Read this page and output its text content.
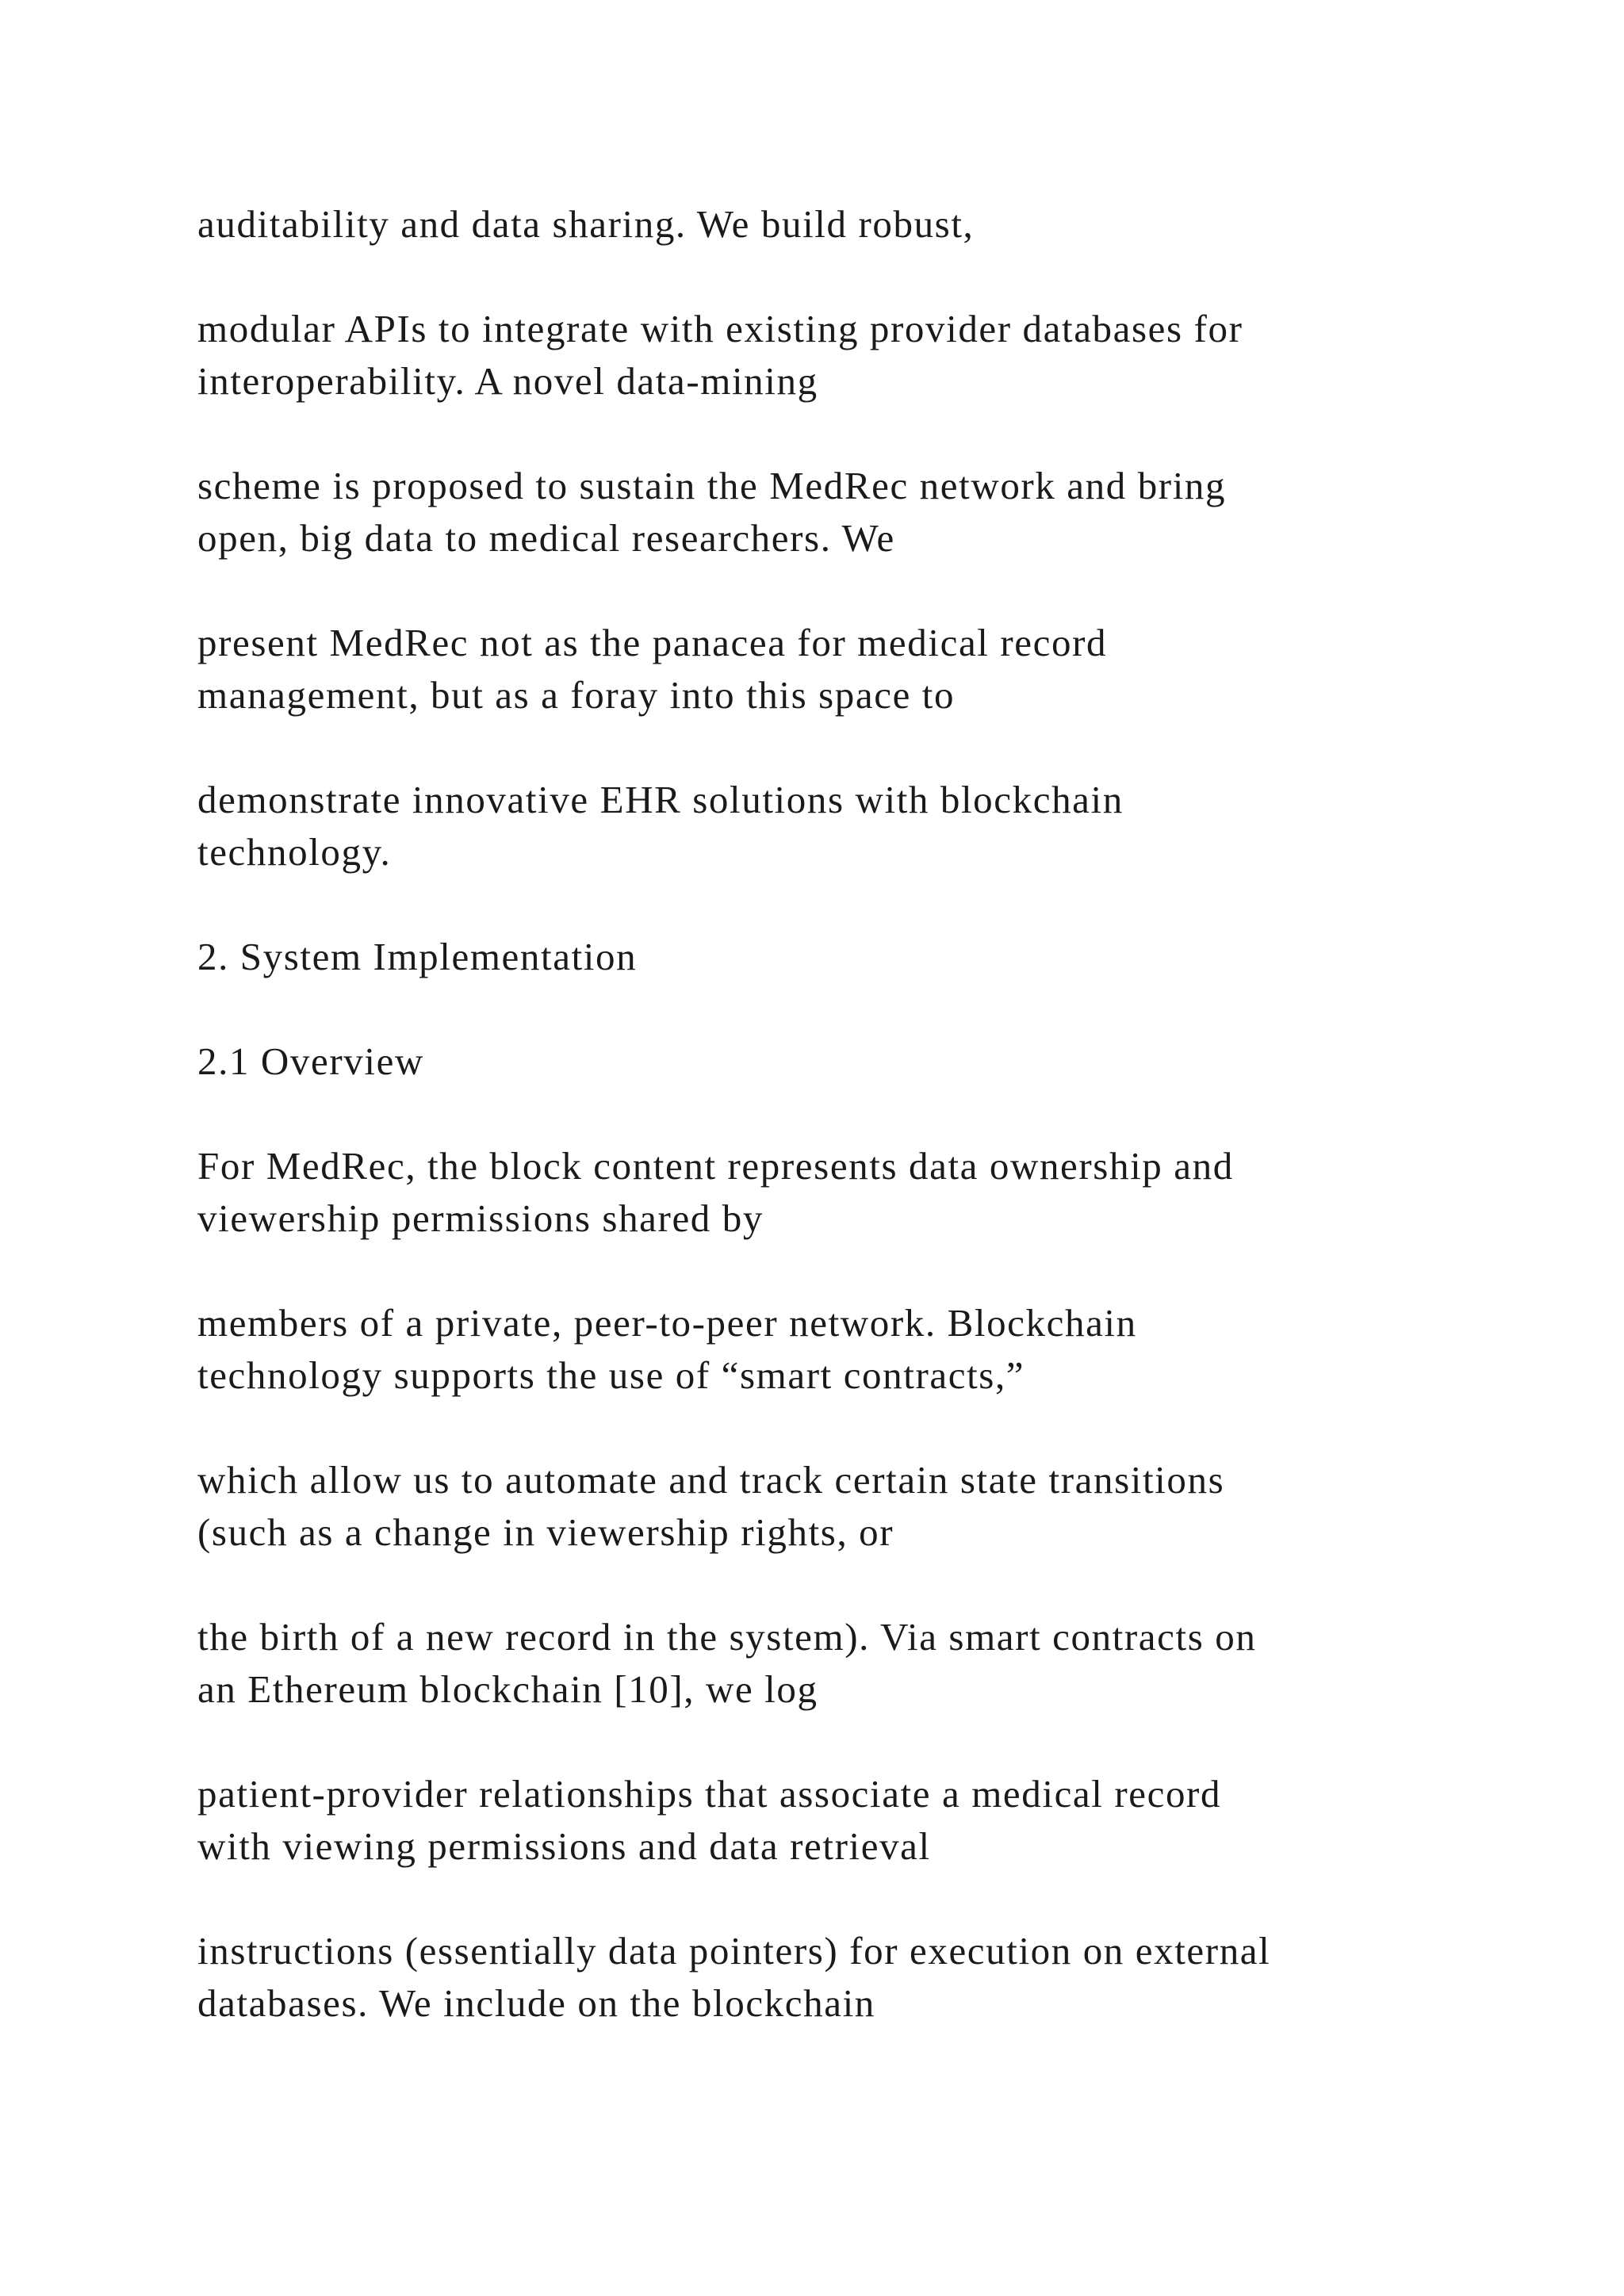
auditability and data sharing. We build robust,

modular APIs to integrate with existing provider databases for
interoperability. A novel data-mining

scheme is proposed to sustain the MedRec network and bring
open, big data to medical researchers. We

present MedRec not as the panacea for medical record
management, but as a foray into this space to

demonstrate innovative EHR solutions with blockchain
technology.

2. System Implementation

2.1 Overview

For MedRec, the block content represents data ownership and
viewership permissions shared by

members of a private, peer-to-peer network. Blockchain
technology supports the use of “smart contracts,”

which allow us to automate and track certain state transitions
(such as a change in viewership rights, or

the birth of a new record in the system). Via smart contracts on
an Ethereum blockchain [10], we log

patient-provider relationships that associate a medical record
with viewing permissions and data retrieval

instructions (essentially data pointers) for execution on external
databases. We include on the blockchain
